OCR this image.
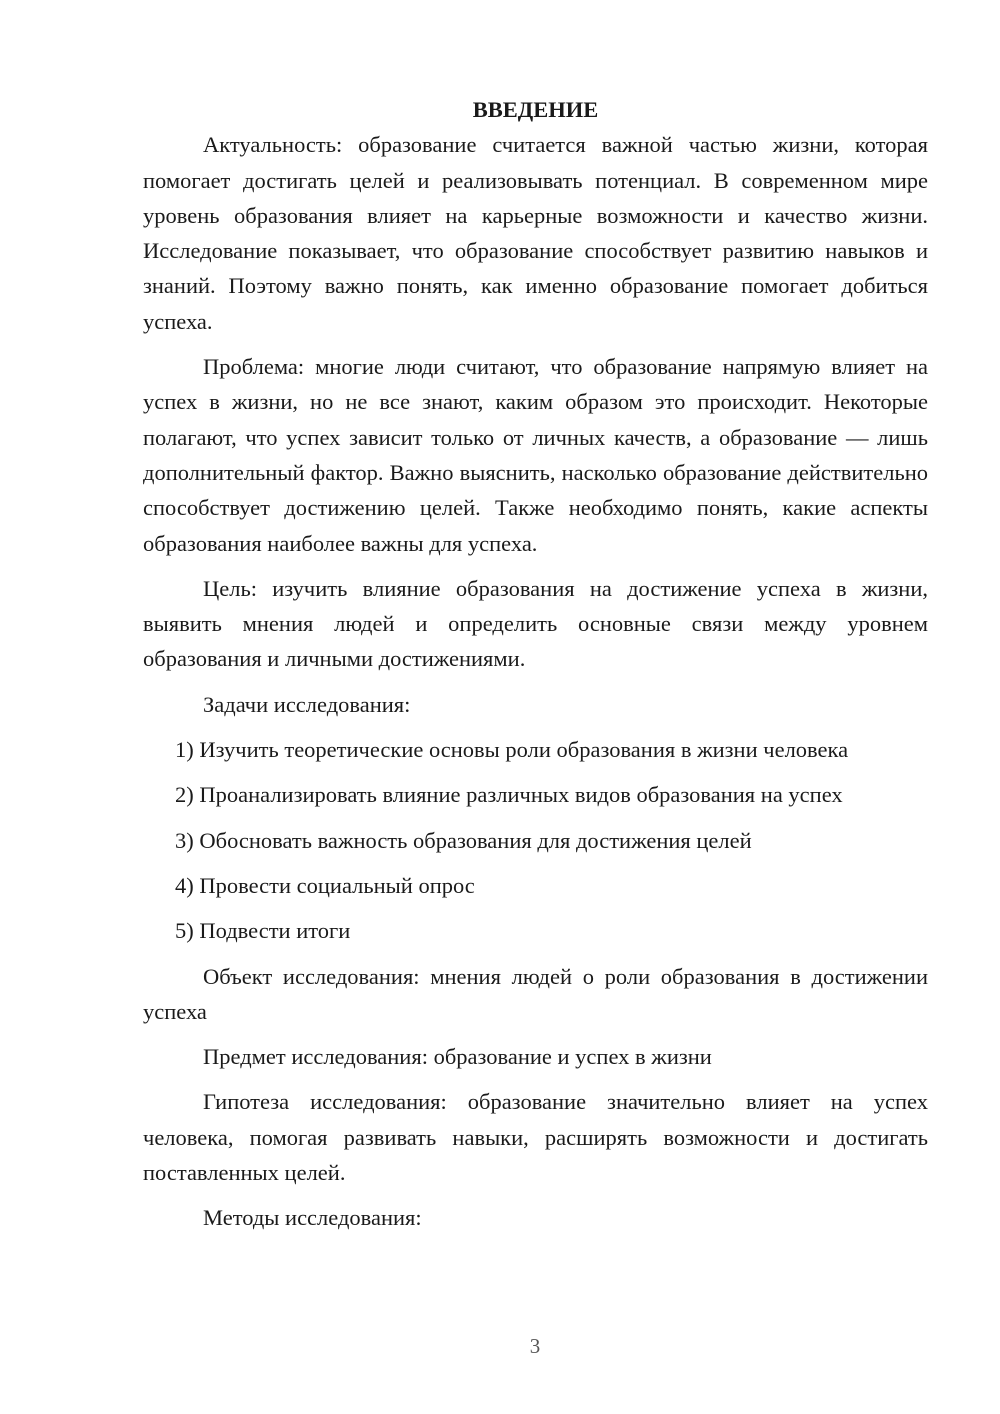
ВВЕДЕНИЕ

Актуальность: образование считается важной частью жизни, которая помогает достигать целей и реализовывать потенциал. В современном мире уровень образования влияет на карьерные возможности и качество жизни. Исследование показывает, что образование способствует развитию навыков и знаний. Поэтому важно понять, как именно образование помогает добиться успеха.

Проблема: многие люди считают, что образование напрямую влияет на успех в жизни, но не все знают, каким образом это происходит. Некоторые полагают, что успех зависит только от личных качеств, а образование — лишь дополнительный фактор. Важно выяснить, насколько образование действительно способствует достижению целей. Также необходимо понять, какие аспекты образования наиболее важны для успеха.

Цель: изучить влияние образования на достижение успеха в жизни, выявить мнения людей и определить основные связи между уровнем образования и личными достижениями.

Задачи исследования:
1) Изучить теоретические основы роли образования в жизни человека
2) Проанализировать влияние различных видов образования на успех
3) Обосновать важность образования для достижения целей
4) Провести социальный опрос
5) Подвести итоги

Объект исследования: мнения людей о роли образования в достижении успеха

Предмет исследования: образование и успех в жизни

Гипотеза исследования: образование значительно влияет на успех человека, помогая развивать навыки, расширять возможности и достигать поставленных целей.

Методы исследования:
3
